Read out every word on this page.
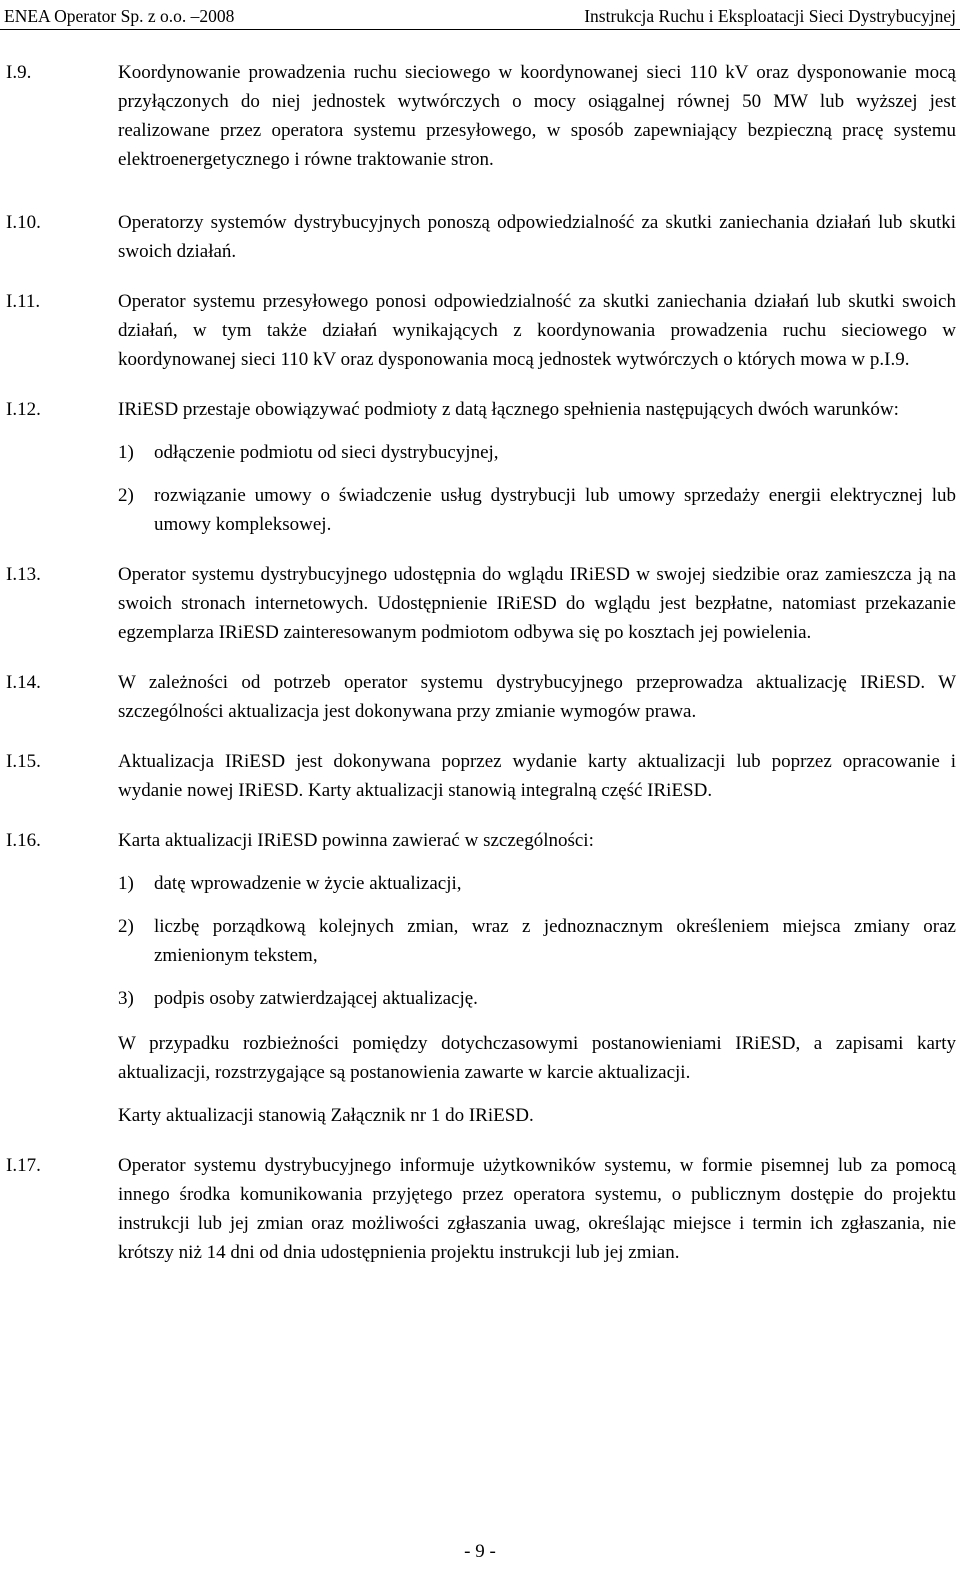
ENEA Operator Sp. z o.o. –2008	Instrukcja Ruchu i Eksploatacji Sieci Dystrybucyjnej
I.9.	Koordynowanie prowadzenia ruchu sieciowego w koordynowanej sieci 110 kV oraz dysponowanie mocą przyłączonych do niej jednostek wytwórczych o mocy osiągalnej równej 50 MW lub wyższej jest realizowane przez operatora systemu przesyłowego, w sposób zapewniający bezpieczną pracę systemu elektroenergetycznego i równe traktowanie stron.
I.10.	Operatorzy systemów dystrybucyjnych ponoszą odpowiedzialność za skutki zaniechania działań lub skutki swoich działań.
I.11.	Operator systemu przesyłowego ponosi odpowiedzialność za skutki zaniechania działań lub skutki swoich działań, w tym także działań wynikających z koordynowania prowadzenia ruchu sieciowego w koordynowanej sieci 110 kV oraz dysponowania mocą jednostek wytwórczych o których mowa w p.I.9.
I.12.	IRiESD przestaje obowiązywać podmioty z datą łącznego spełnienia następujących dwóch warunków:
1) odłączenie podmiotu od sieci dystrybucyjnej,
2) rozwiązanie umowy o świadczenie usług dystrybucji lub umowy sprzedaży energii elektrycznej lub umowy kompleksowej.
I.13.	Operator systemu dystrybucyjnego udostępnia do wglądu IRiESD w swojej siedzibie oraz zamieszcza ją na swoich stronach internetowych. Udostępnienie IRiESD do wglądu jest bezpłatne, natomiast przekazanie egzemplarza IRiESD zainteresowanym podmiotom odbywa się po kosztach jej powielenia.
I.14.	W zależności od potrzeb operator systemu dystrybucyjnego przeprowadza aktualizację IRiESD. W szczególności aktualizacja jest dokonywana przy zmianie wymogów prawa.
I.15.	Aktualizacja IRiESD jest dokonywana poprzez wydanie karty aktualizacji lub poprzez opracowanie i wydanie nowej IRiESD. Karty aktualizacji stanowią integralną część IRiESD.
I.16.	Karta aktualizacji IRiESD powinna zawierać w szczególności:
1) datę wprowadzenie w życie aktualizacji,
2) liczbę porządkową kolejnych zmian, wraz z jednoznacznym określeniem miejsca zmiany oraz zmienionym tekstem,
3) podpis osoby zatwierdzającej aktualizację.
W przypadku rozbieżności pomiędzy dotychczasowymi postanowieniami IRiESD, a zapisami karty aktualizacji, rozstrzygające są postanowienia zawarte w karcie aktualizacji.
Karty aktualizacji stanowią Załącznik nr 1 do IRiESD.
I.17.	Operator systemu dystrybucyjnego informuje użytkowników systemu, w formie pisemnej lub za pomocą innego środka komunikowania przyjętego przez operatora systemu, o publicznym dostępie do projektu instrukcji lub jej zmian oraz możliwości zgłaszania uwag, określając miejsce i termin ich zgłaszania, nie krótszy niż 14 dni od dnia udostępnienia projektu instrukcji lub jej zmian.
- 9 -
